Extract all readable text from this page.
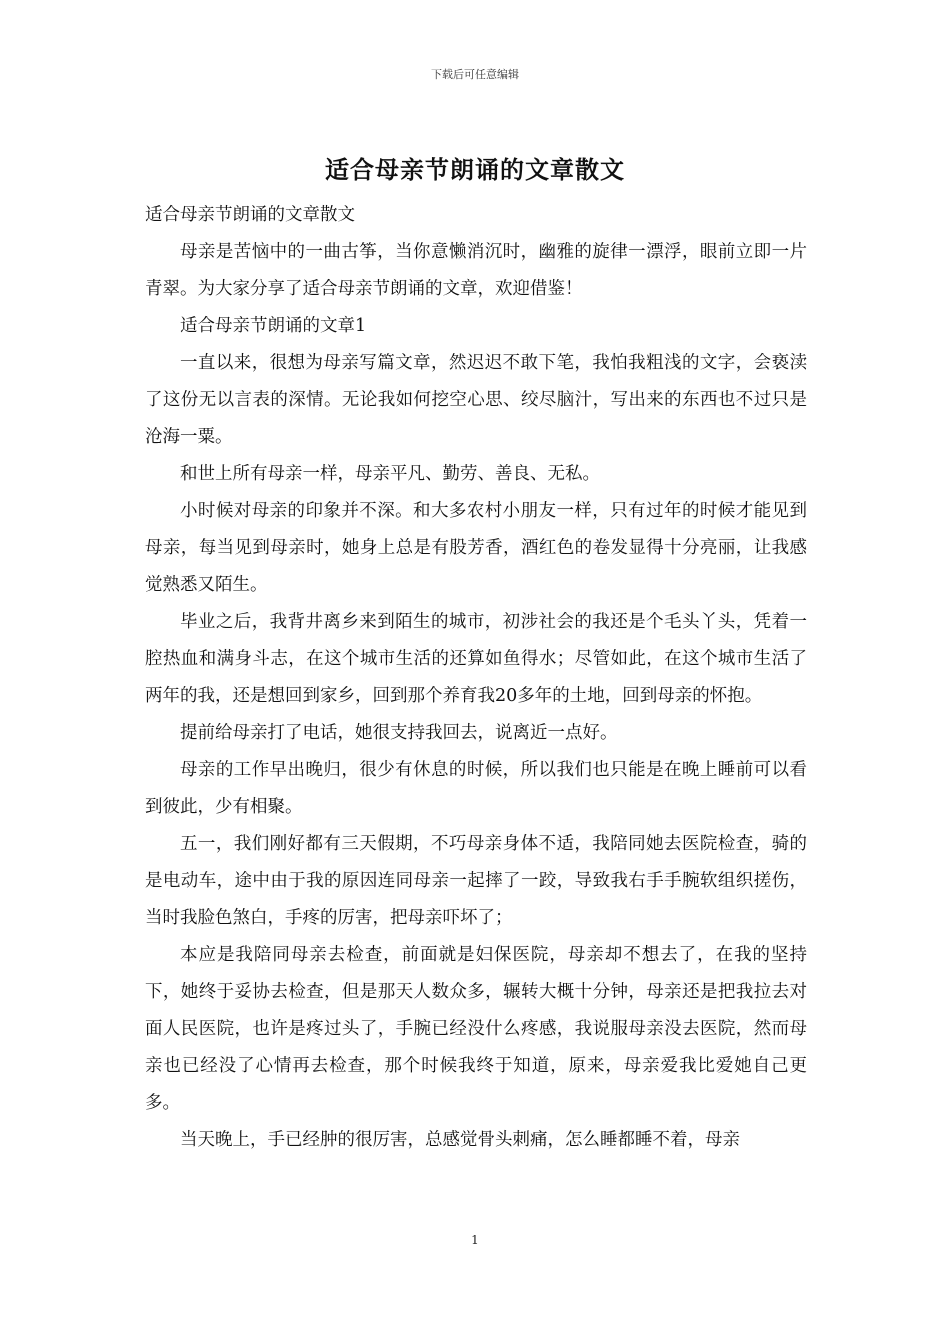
下载后可任意编辑
适合母亲节朗诵的文章散文

适合母亲节朗诵的文章散文

母亲是苦恼中的一曲古筝，当你意懒消沉时，幽雅的旋律一漂浮，眼前立即一片青翠。为大家分享了适合母亲节朗诵的文章，欢迎借鉴！

适合母亲节朗诵的文章1

一直以来，很想为母亲写篇文章，然迟迟不敢下笔，我怕我粗浅的文字，会亵渎了这份无以言表的深情。无论我如何挖空心思、绞尽脑汁，写出来的东西也不过只是沧海一粟。

和世上所有母亲一样，母亲平凡、勤劳、善良、无私。

小时候对母亲的印象并不深。和大多农村小朋友一样，只有过年的时候才能见到母亲，每当见到母亲时，她身上总是有股芳香，酒红色的卷发显得十分亮丽，让我感觉熟悉又陌生。

毕业之后，我背井离乡来到陌生的城市，初涉社会的我还是个毛头丫头，凭着一腔热血和满身斗志，在这个城市生活的还算如鱼得水；尽管如此，在这个城市生活了两年的我，还是想回到家乡，回到那个养育我20多年的土地，回到母亲的怀抱。

提前给母亲打了电话，她很支持我回去，说离近一点好。

母亲的工作早出晚归，很少有休息的时候，所以我们也只能是在晚上睡前可以看到彼此，少有相聚。

五一，我们刚好都有三天假期，不巧母亲身体不适，我陪同她去医院检查，骑的是电动车，途中由于我的原因连同母亲一起摔了一跤，导致我右手手腕软组织搓伤，当时我脸色煞白，手疼的厉害，把母亲吓坏了；

本应是我陪同母亲去检查，前面就是妇保医院，母亲却不想去了，在我的坚持下，她终于妥协去检查，但是那天人数众多，辗转大概十分钟，母亲还是把我拉去对面人民医院，也许是疼过头了，手腕已经没什么疼感，我说服母亲没去医院，然而母亲也已经没了心情再去检查，那个时候我终于知道，原来，母亲爱我比爱她自己更多。

当天晚上，手已经肿的很厉害，总感觉骨头刺痛，怎么睡都睡不着，母亲

1
